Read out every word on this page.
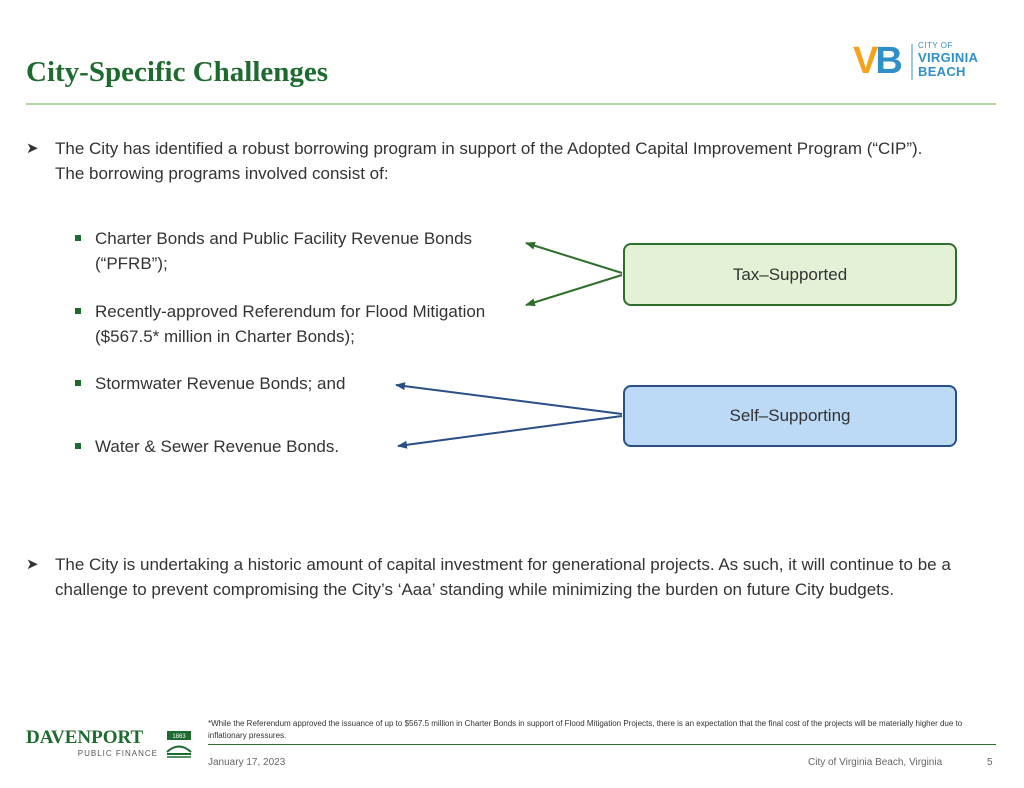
City-Specific Challenges	VB CITY OF
VIRGINIA
BEACH
➤ The City has identified a robust borrowing program in support of the Adopted Capital Improvement Program (“CIP”). The borrowing programs involved consist of:
Charter Bonds and Public Facility Revenue Bonds (“PFRB”);
Recently-approved Referendum for Flood Mitigation ($567.5* million in Charter Bonds);
Stormwater Revenue Bonds; and
Water & Sewer Revenue Bonds.
Tax–Supported
Self–Supporting
➤ The City is undertaking a historic amount of capital investment for generational projects. As such, it will continue to be a challenge to prevent compromising the City’s ‘Aaa’ standing while minimizing the burden on future City budgets.
DAVENPORT
PUBLIC FINANCE
1863
*While the Referendum approved the issuance of up to $567.5 million in Charter Bonds in support of Flood Mitigation Projects, there is an expectation that the final cost of the projects will be materially higher due to inflationary pressures.
January 17, 2023	City of Virginia Beach, Virginia	5
